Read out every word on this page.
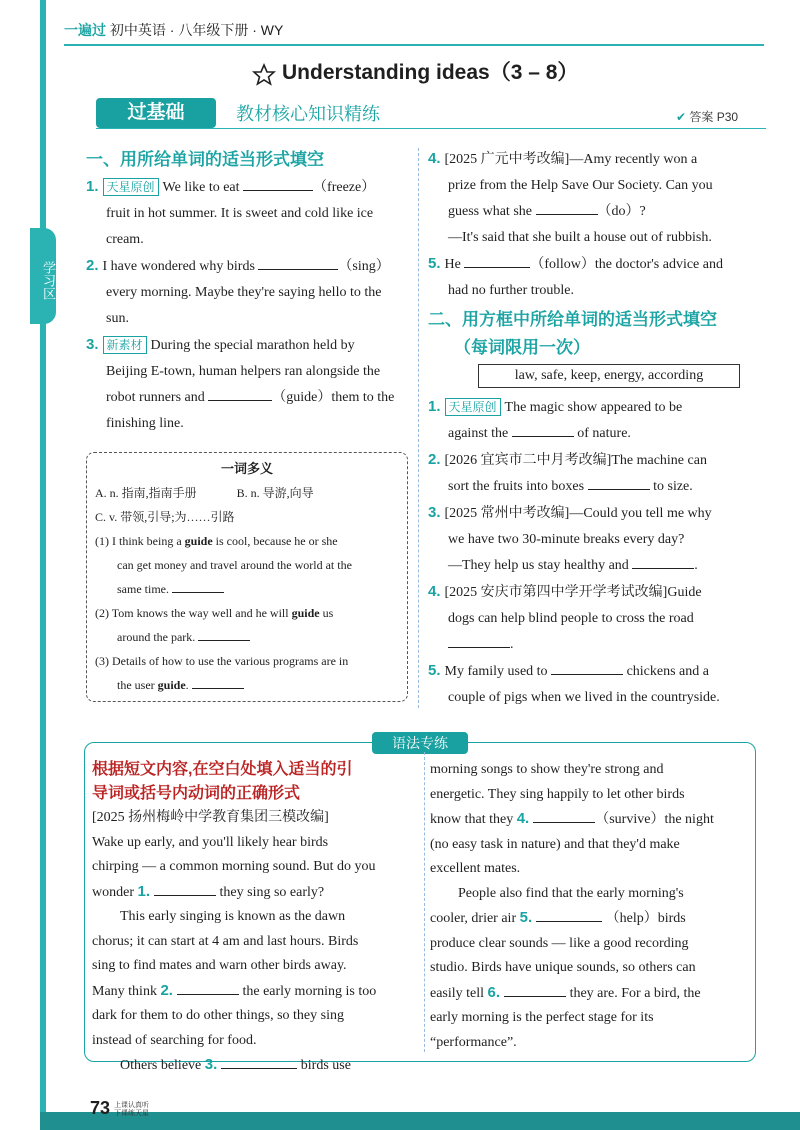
学习区
一遍过 初中英语 · 八年级下册 · WY
Understanding ideas（3 – 8）
过基础	教材核心知识精练	✔ 答案 P30
一、用所给单词的适当形式填空
1. 天星原创 We like to eat	（freeze）
fruit in hot summer. It is sweet and cold like ice
cream.
2. I have wondered why birds	（sing）
every morning. Maybe they're saying hello to the
sun.
3. 新素材 During the special marathon held by
Beijing E-town, human helpers ran alongside the
robot runners and	（guide）them to the
finishing line.
一词多义
A. n. 指南,指南手册	B. n. 导游,向导
C. v. 带领,引导;为……引路
(1) I think being a guide is cool, because he or she
can get money and travel around the world at the
same time.
(2) Tom knows the way well and he will guide us
around the park.
(3) Details of how to use the various programs are in
the user guide.
4. [2025 广元中考改编]—Amy recently won a
prize from the Help Save Our Society. Can you
guess what she	（do）?
—It's said that she built a house out of rubbish.
5. He	（follow）the doctor's advice and
had no further trouble.
二、用方框中所给单词的适当形式填空
（每词限用一次）
law, safe, keep, energy, according
1. 天星原创 The magic show appeared to be
against the	of nature.
2. [2026 宜宾市二中月考改编]The machine can
sort the fruits into boxes	to size.
3. [2025 常州中考改编]—Could you tell me why
we have two 30-minute breaks every day?
—They help us stay healthy and	.
4. [2025 安庆市第四中学开学考试改编]Guide
dogs can help blind people to cross the road
.
5. My family used to	chickens and a
couple of pigs when we lived in the countryside.
语法专练
根据短文内容,在空白处填入适当的引
导词或括号内动词的正确形式
[2025 扬州梅岭中学教育集团三模改编]
Wake up early, and you'll likely hear birds
chirping — a common morning sound. But do you
wonder 1.	they sing so early?
This early singing is known as the dawn
chorus; it can start at 4 am and last hours. Birds
sing to find mates and warn other birds away.
Many think 2.	the early morning is too
dark for them to do other things, so they sing
instead of searching for food.
Others believe 3.	birds use
morning songs to show they're strong and
energetic. They sing happily to let other birds
know that they 4.	（survive）the night
(no easy task in nature) and that they'd make
excellent mates.
People also find that the early morning's
cooler, drier air 5.	（help）birds
produce clear sounds — like a good recording
studio. Birds have unique sounds, so others can
easily tell 6.	they are. For a bird, the
early morning is the perfect stage for its
“performance”.
73 上课认真听
下课练天星
